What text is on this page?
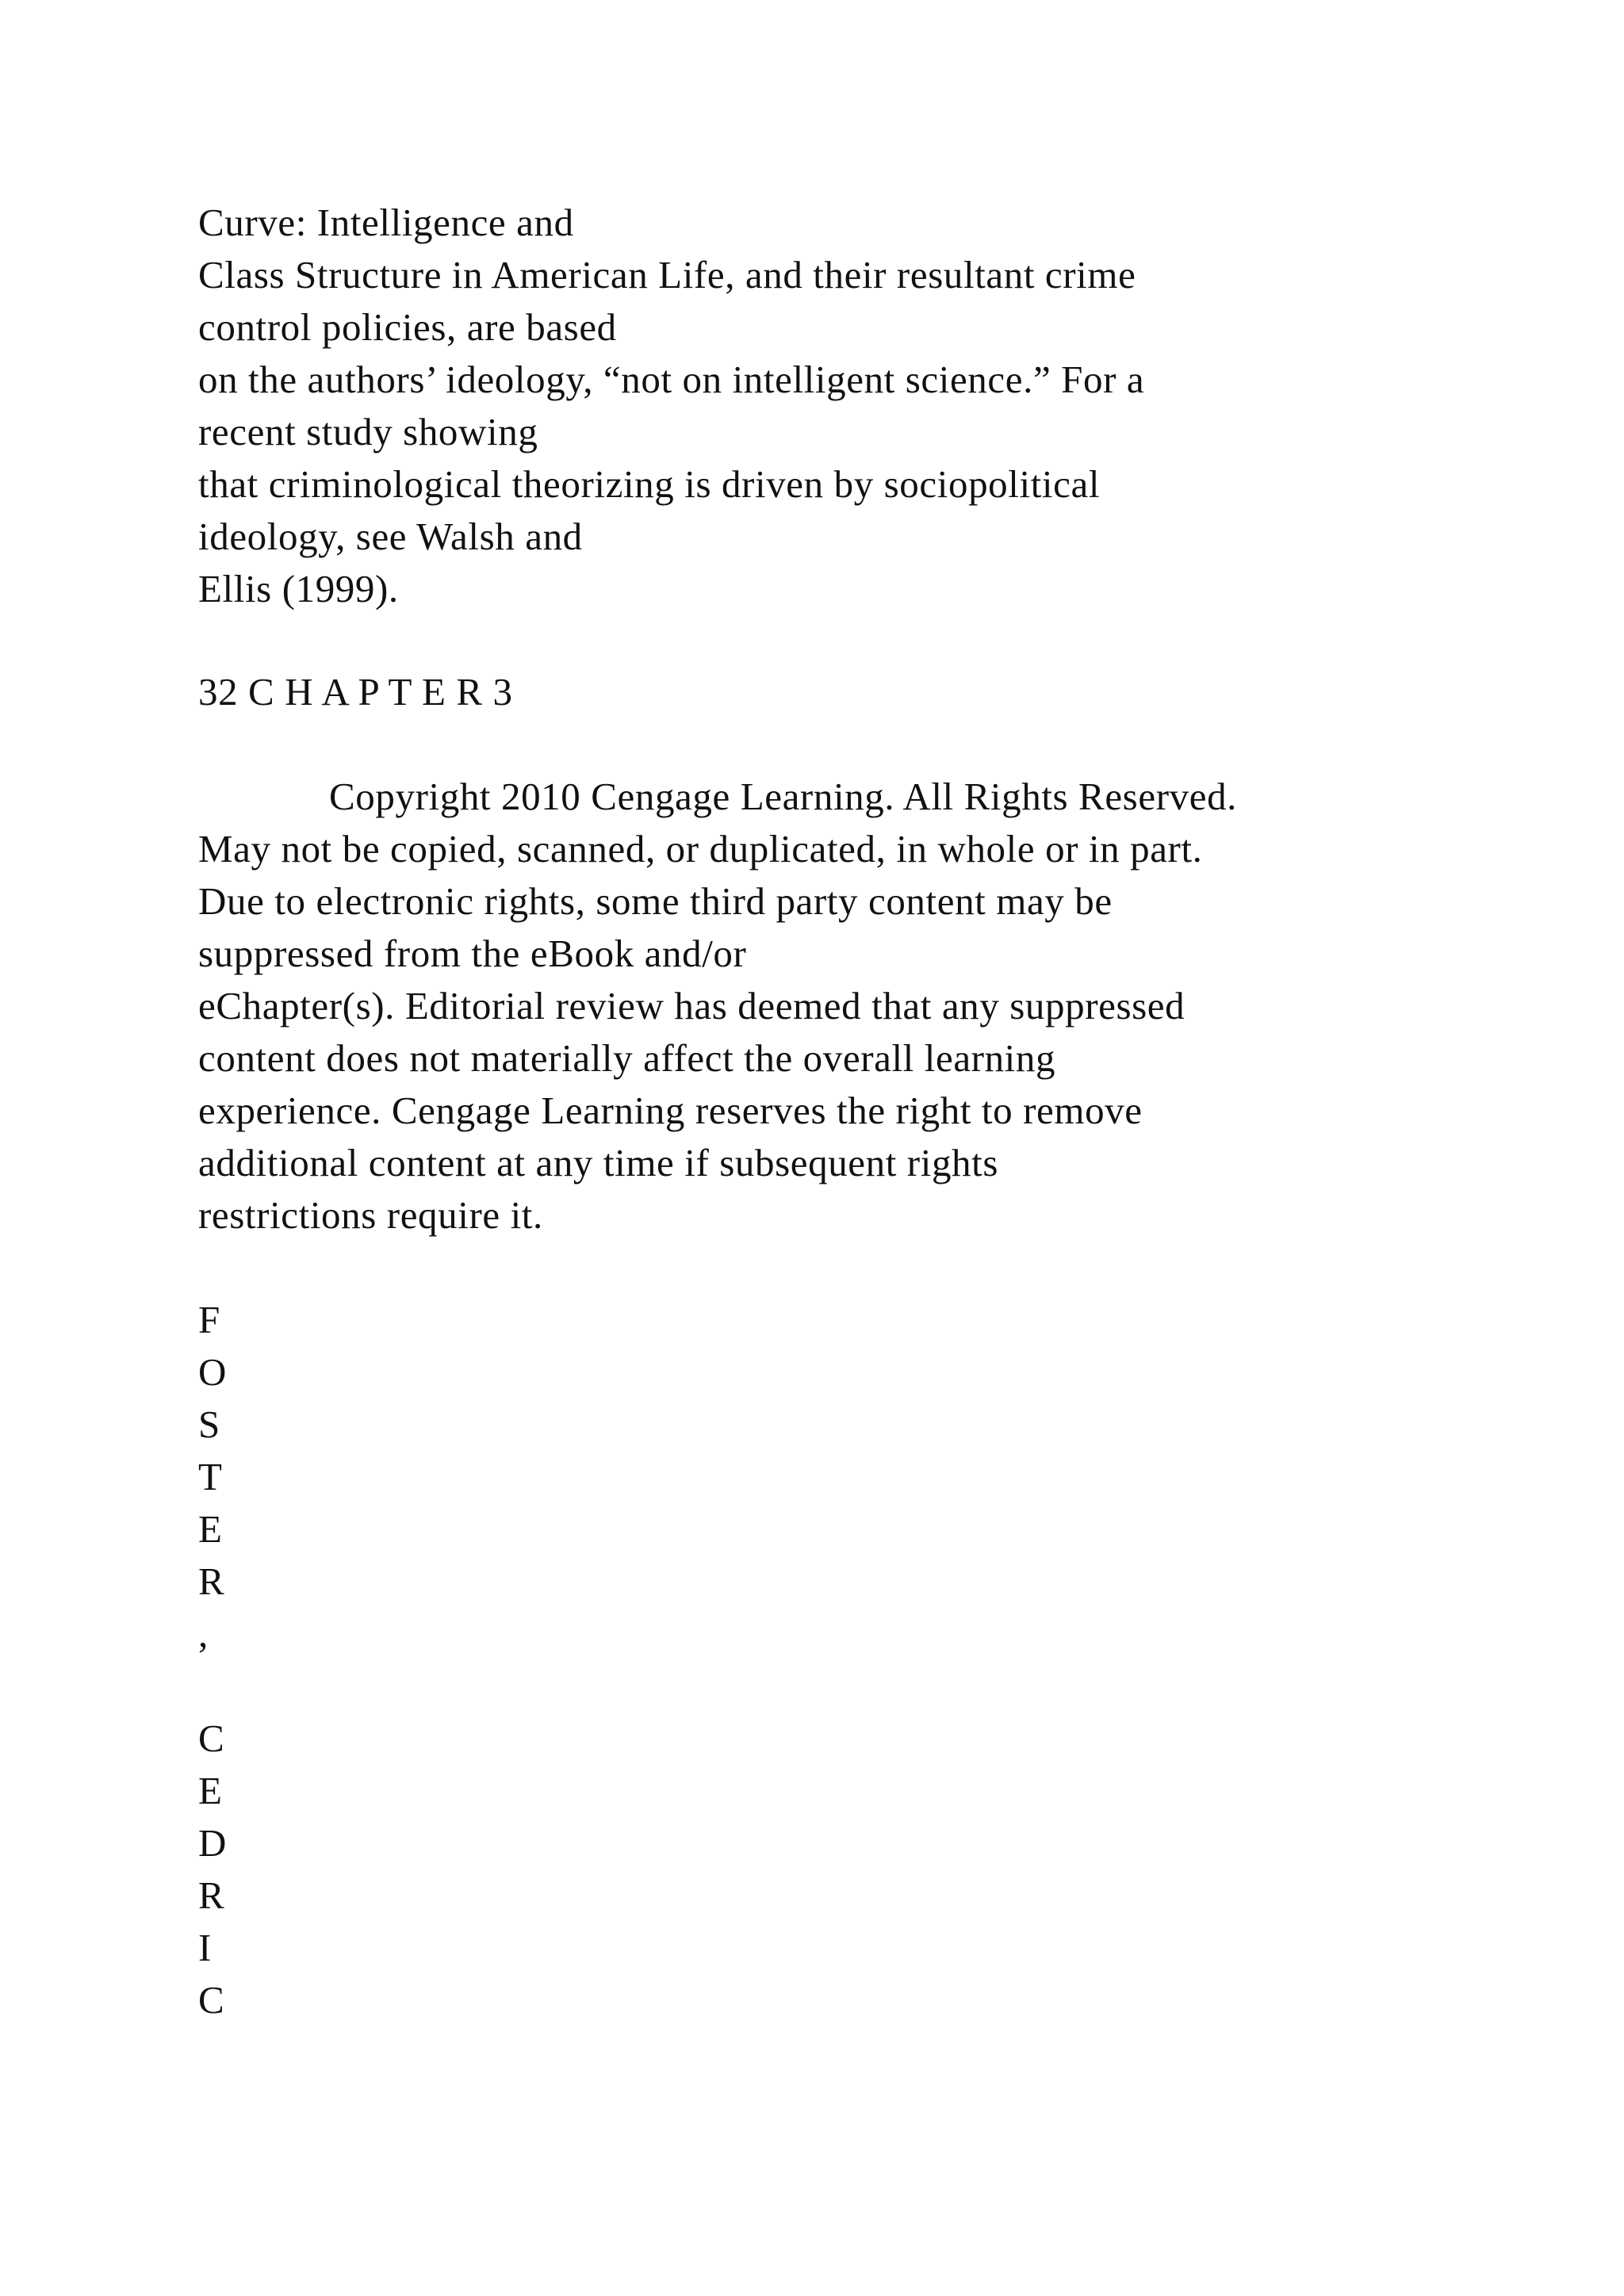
Curve: Intelligence and
Class Structure in American Life, and their resultant crime
control policies, are based
on the authors’ ideology, “not on intelligent science.” For a
recent study showing
that criminological theorizing is driven by sociopolitical
ideology, see Walsh and
Ellis (1999).
32 C H A P T E R 3
Copyright 2010 Cengage Learning. All Rights Reserved.
May not be copied, scanned, or duplicated, in whole or in part.
Due to electronic rights, some third party content may be
suppressed from the eBook and/or
eChapter(s). Editorial review has deemed that any suppressed
content does not materially affect the overall learning
experience. Cengage Learning reserves the right to remove
additional content at any time if subsequent rights
restrictions require it.
F
O
S
T
E
R
,
C
E
D
R
I
C
